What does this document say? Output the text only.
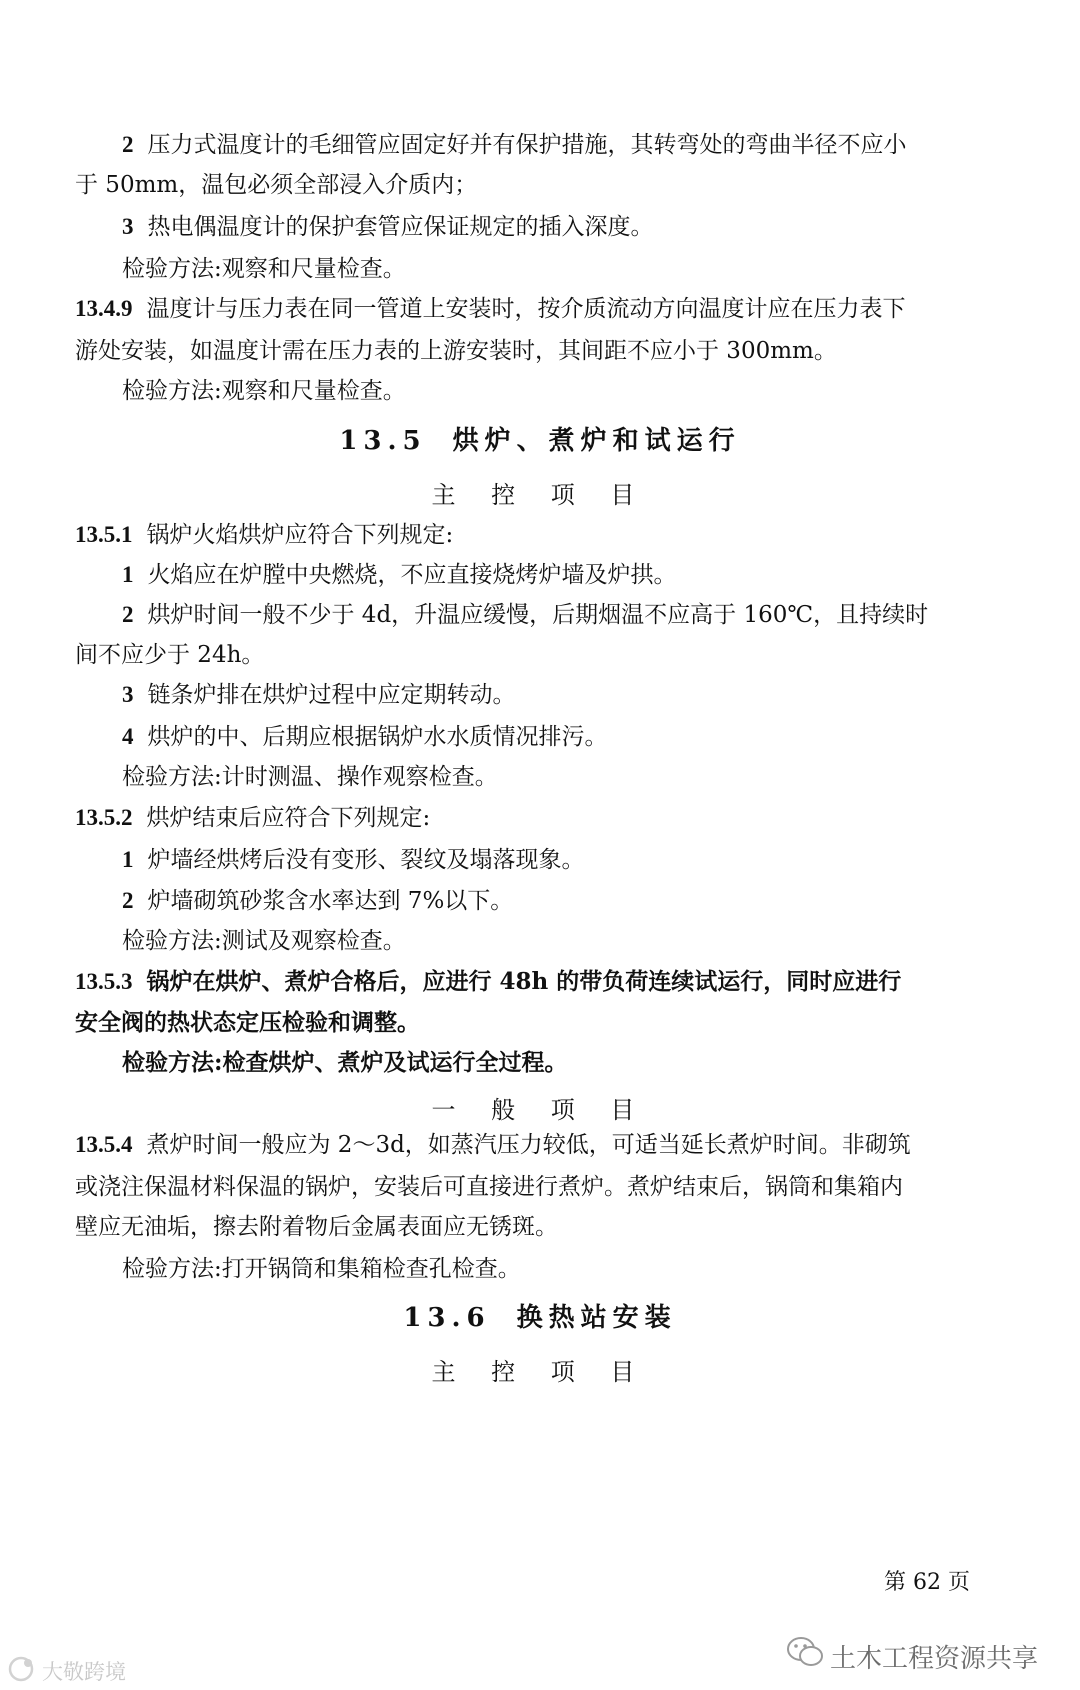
2 压力式温度计的毛细管应固定好并有保护措施，其转弯处的弯曲半径不应小
于 50mm，温包必须全部浸入介质内；
3 热电偶温度计的保护套管应保证规定的插入深度。
检验方法:观察和尺量检查。
13.4.9 温度计与压力表在同一管道上安装时，按介质流动方向温度计应在压力表下
游处安装，如温度计需在压力表的上游安装时，其间距不应小于 300mm。
检验方法:观察和尺量检查。
13.5 烘炉、煮炉和试运行
主 控 项 目
13.5.1 锅炉火焰烘炉应符合下列规定:
1 火焰应在炉膛中央燃烧，不应直接烧烤炉墙及炉拱。
2 烘炉时间一般不少于 4d，升温应缓慢，后期烟温不应高于 160℃，且持续时
间不应少于 24h。
3 链条炉排在烘炉过程中应定期转动。
4 烘炉的中、后期应根据锅炉水水质情况排污。
检验方法:计时测温、操作观察检查。
13.5.2 烘炉结束后应符合下列规定:
1 炉墙经烘烤后没有变形、裂纹及塌落现象。
2 炉墙砌筑砂浆含水率达到 7%以下。
检验方法:测试及观察检查。
13.5.3 锅炉在烘炉、煮炉合格后，应进行 48h 的带负荷连续试运行，同时应进行
安全阀的热状态定压检验和调整。
检验方法:检查烘炉、煮炉及试运行全过程。
一 般 项 目
13.5.4 煮炉时间一般应为 2～3d，如蒸汽压力较低，可适当延长煮炉时间。非砌筑
或浇注保温材料保温的锅炉，安装后可直接进行煮炉。煮炉结束后，锅筒和集箱内
壁应无油垢，擦去附着物后金属表面应无锈斑。
检验方法:打开锅筒和集箱检查孔检查。
13.6 换热站安装
主 控 项 目
第 62 页
土木工程资源共享
大敬跨境
